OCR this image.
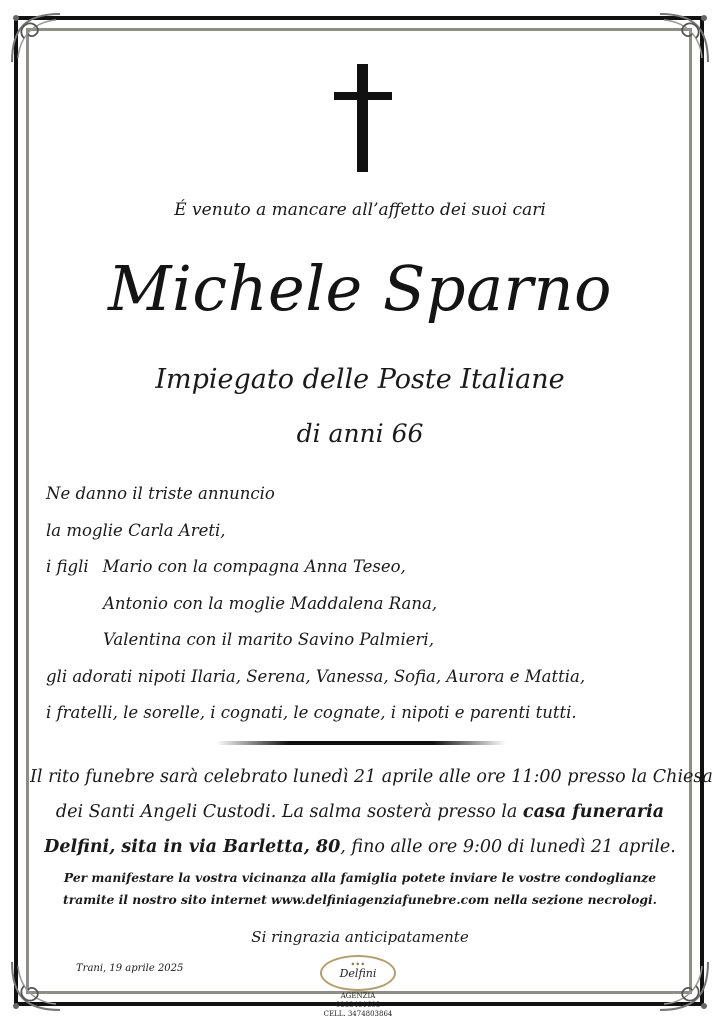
É venuto a mancare all’affetto dei suoi cari
Michele Sparno
Impiegato delle Poste Italiane
di anni 66
Ne danno il triste annuncio
la moglie Carla Areti,
i figli Mario con la compagna Anna Teseo,
Antonio con la moglie Maddalena Rana,
Valentina con il marito Savino Palmieri,
gli adorati nipoti Ilaria, Serena, Vanessa, Sofia, Aurora e Mattia,
i fratelli, le sorelle, i cognati, le cognate, i nipoti e parenti tutti.
Il rito funebre sarà celebrato lunedì 21 aprile alle ore 11:00 presso la Chiesa
dei Santi Angeli Custodi. La salma sosterà presso la casa funeraria
Delfini, sita in via Barletta, 80, fino alle ore 9:00 di lunedì 21 aprile.
Per manifestare la vostra vicinanza alla famiglia potete inviare le vostre condoglianze
tramite il nostro sito internet www.delfiniagenziafunebre.com nella sezione necrologi.
Si ringrazia anticipatamente
Trani, 19 aprile 2025	◆ ◆ ◆
Delfini
AGENZIA 0883481608
CELL. 3474803864
